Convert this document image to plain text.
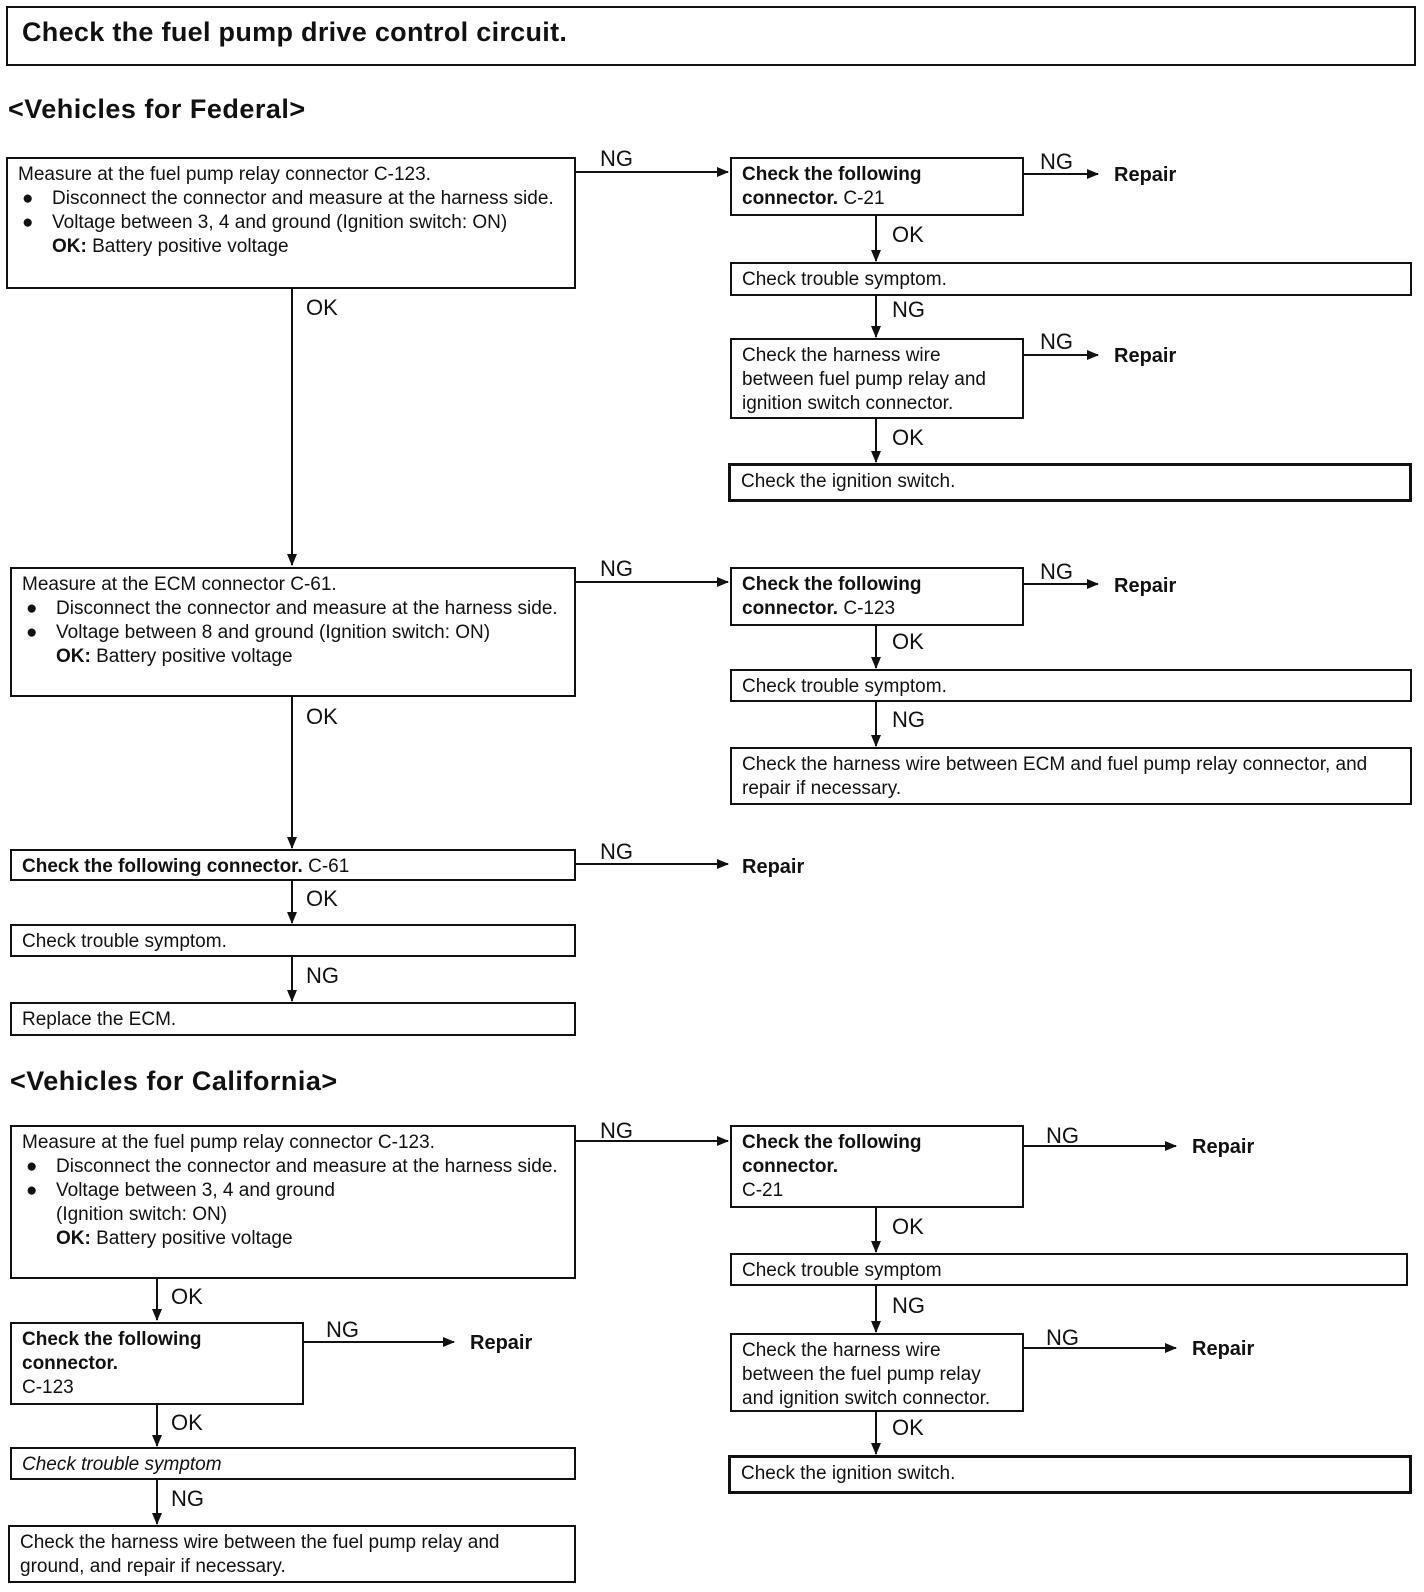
Check the fuel pump drive control circuit.
<Vehicles for Federal>
Measure at the fuel pump relay connector C-123.
● Disconnect the connector and measure at the harness side.
● Voltage between 3, 4 and ground (Ignition switch: ON)
OK: Battery positive voltage
NG
OK
Check the following connector. C-21
NG
Repair
OK
Check trouble symptom.
NG
Check the harness wire between fuel pump relay and ignition switch connector.
NG
Repair
OK
Check the ignition switch.
Measure at the ECM connector C-61.
● Disconnect the connector and measure at the harness side.
● Voltage between 8 and ground (Ignition switch: ON)
OK: Battery positive voltage
NG
OK
Check the following connector. C-123
NG
Repair
OK
Check trouble symptom.
NG
Check the harness wire between ECM and fuel pump relay connector, and repair if necessary.
Check the following connector. C-61
NG
Repair
OK
Check trouble symptom.
NG
Replace the ECM.
<Vehicles for California>
Measure at the fuel pump relay connector C-123.
● Disconnect the connector and measure at the harness side.
● Voltage between 3, 4 and ground
(Ignition switch: ON)
OK: Battery positive voltage
NG
OK
Check the following connector.
C-123
NG
Repair
OK
Check trouble symptom
NG
Check the harness wire between the fuel pump relay and ground, and repair if necessary.
Check the following connector.
C-21
NG	Repair
OK
Check trouble symptom
NG
Check the harness wire between the fuel pump relay and ignition switch connector.
NG	Repair
OK
Check the ignition switch.
